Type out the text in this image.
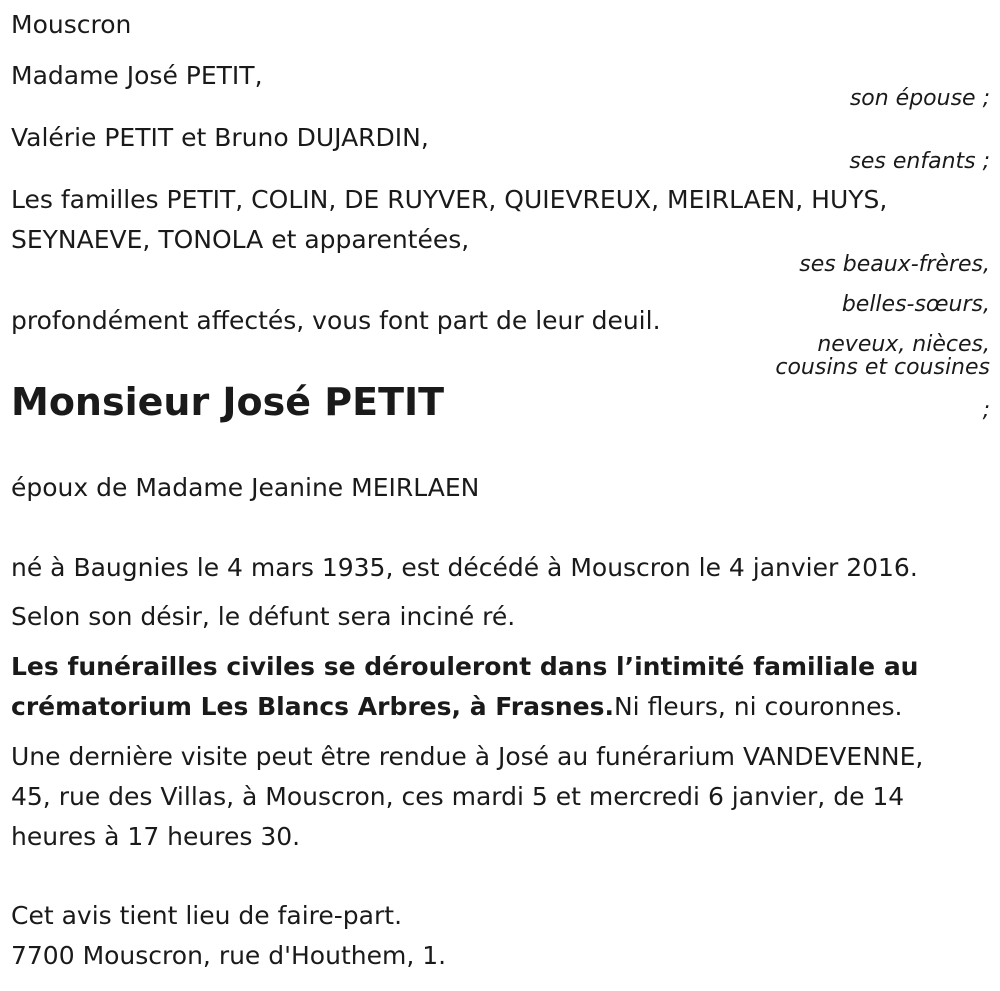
Mouscron

Madame José PETIT,

son épouse ;

Valérie PETIT et Bruno DUJARDIN,

ses enfants ;

Les familles PETIT, COLIN, DE RUYVER, QUIEVREUX, MEIRLAEN, HUYS,

SEYNAEVE, TONOLA et apparentées,

ses beaux-frères,

belles-sœurs,

profondément affectés, vous font part de leur deuil.

neveux, nièces,

cousins et cousines

;

Monsieur José PETIT

époux de Madame Jeanine MEIRLAEN

né à Baugnies le 4 mars 1935, est décédé à Mouscron le 4 janvier 2016.

Selon son désir, le défunt sera inciné ré.

Les funérailles civiles se dérouleront dans l’intimité familiale au

crématorium Les Blancs Arbres, à Frasnes.Ni fleurs, ni couronnes.

Une dernière visite peut être rendue à José au funérarium VANDEVENNE,

45, rue des Villas, à Mouscron, ces mardi 5 et mercredi 6 janvier, de 14

heures à 17 heures 30.

Cet avis tient lieu de faire-part.

7700 Mouscron, rue d'Houthem, 1.
